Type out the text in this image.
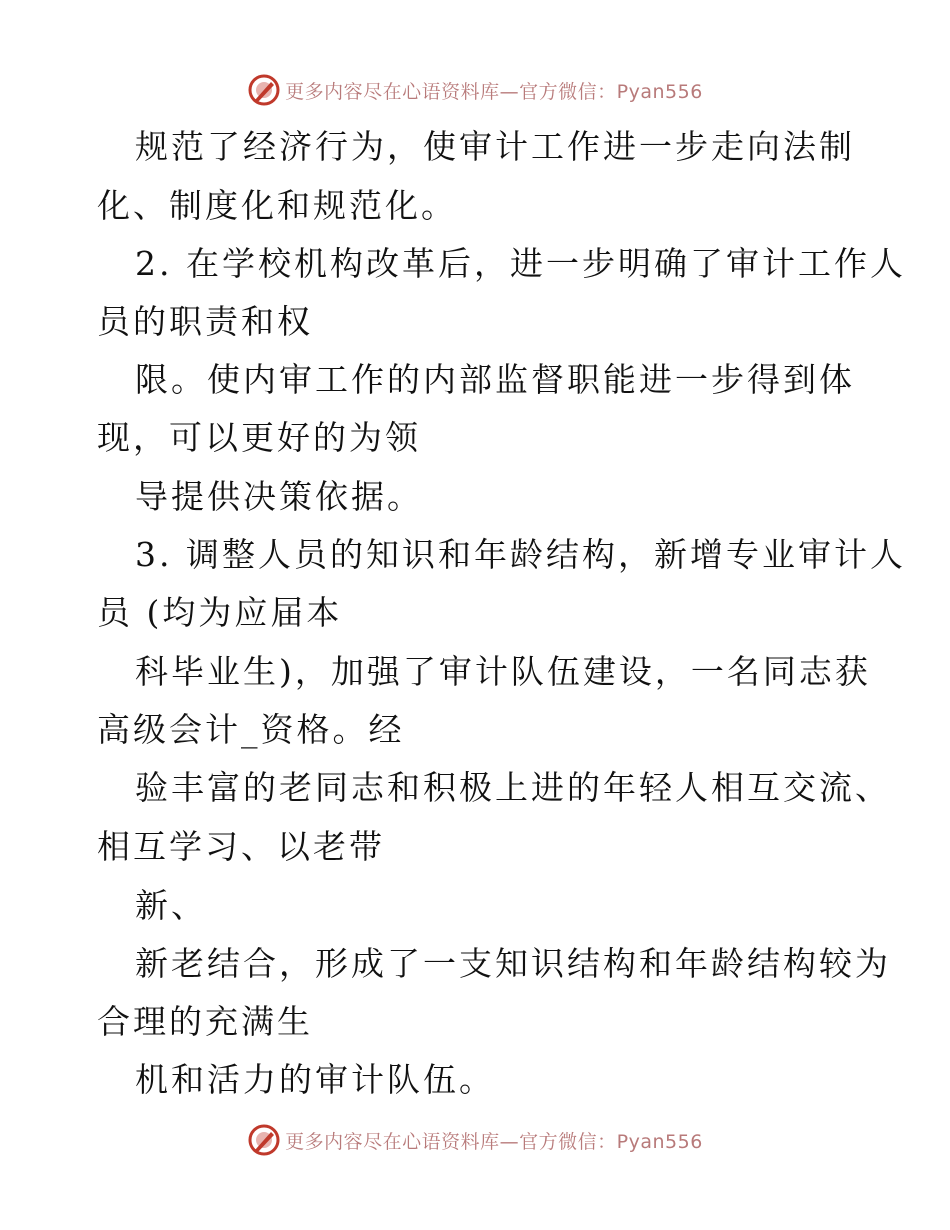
更多内容尽在心语资料库—官方微信：Pyan556
规范了经济行为，使审计工作进一步走向法制
化、制度化和规范化。
2. 在学校机构改革后，进一步明确了审计工作人
员的职责和权
限。使内审工作的内部监督职能进一步得到体
现，可以更好的为领
导提供决策依据。
3. 调整人员的知识和年龄结构，新增专业审计人
员 (均为应届本
科毕业生)，加强了审计队伍建设，一名同志获
高级会计_资格。经
验丰富的老同志和积极上进的年轻人相互交流、
相互学习、以老带
新、
新老结合，形成了一支知识结构和年龄结构较为
合理的充满生
机和活力的审计队伍。
更多内容尽在心语资料库—官方微信：Pyan556
